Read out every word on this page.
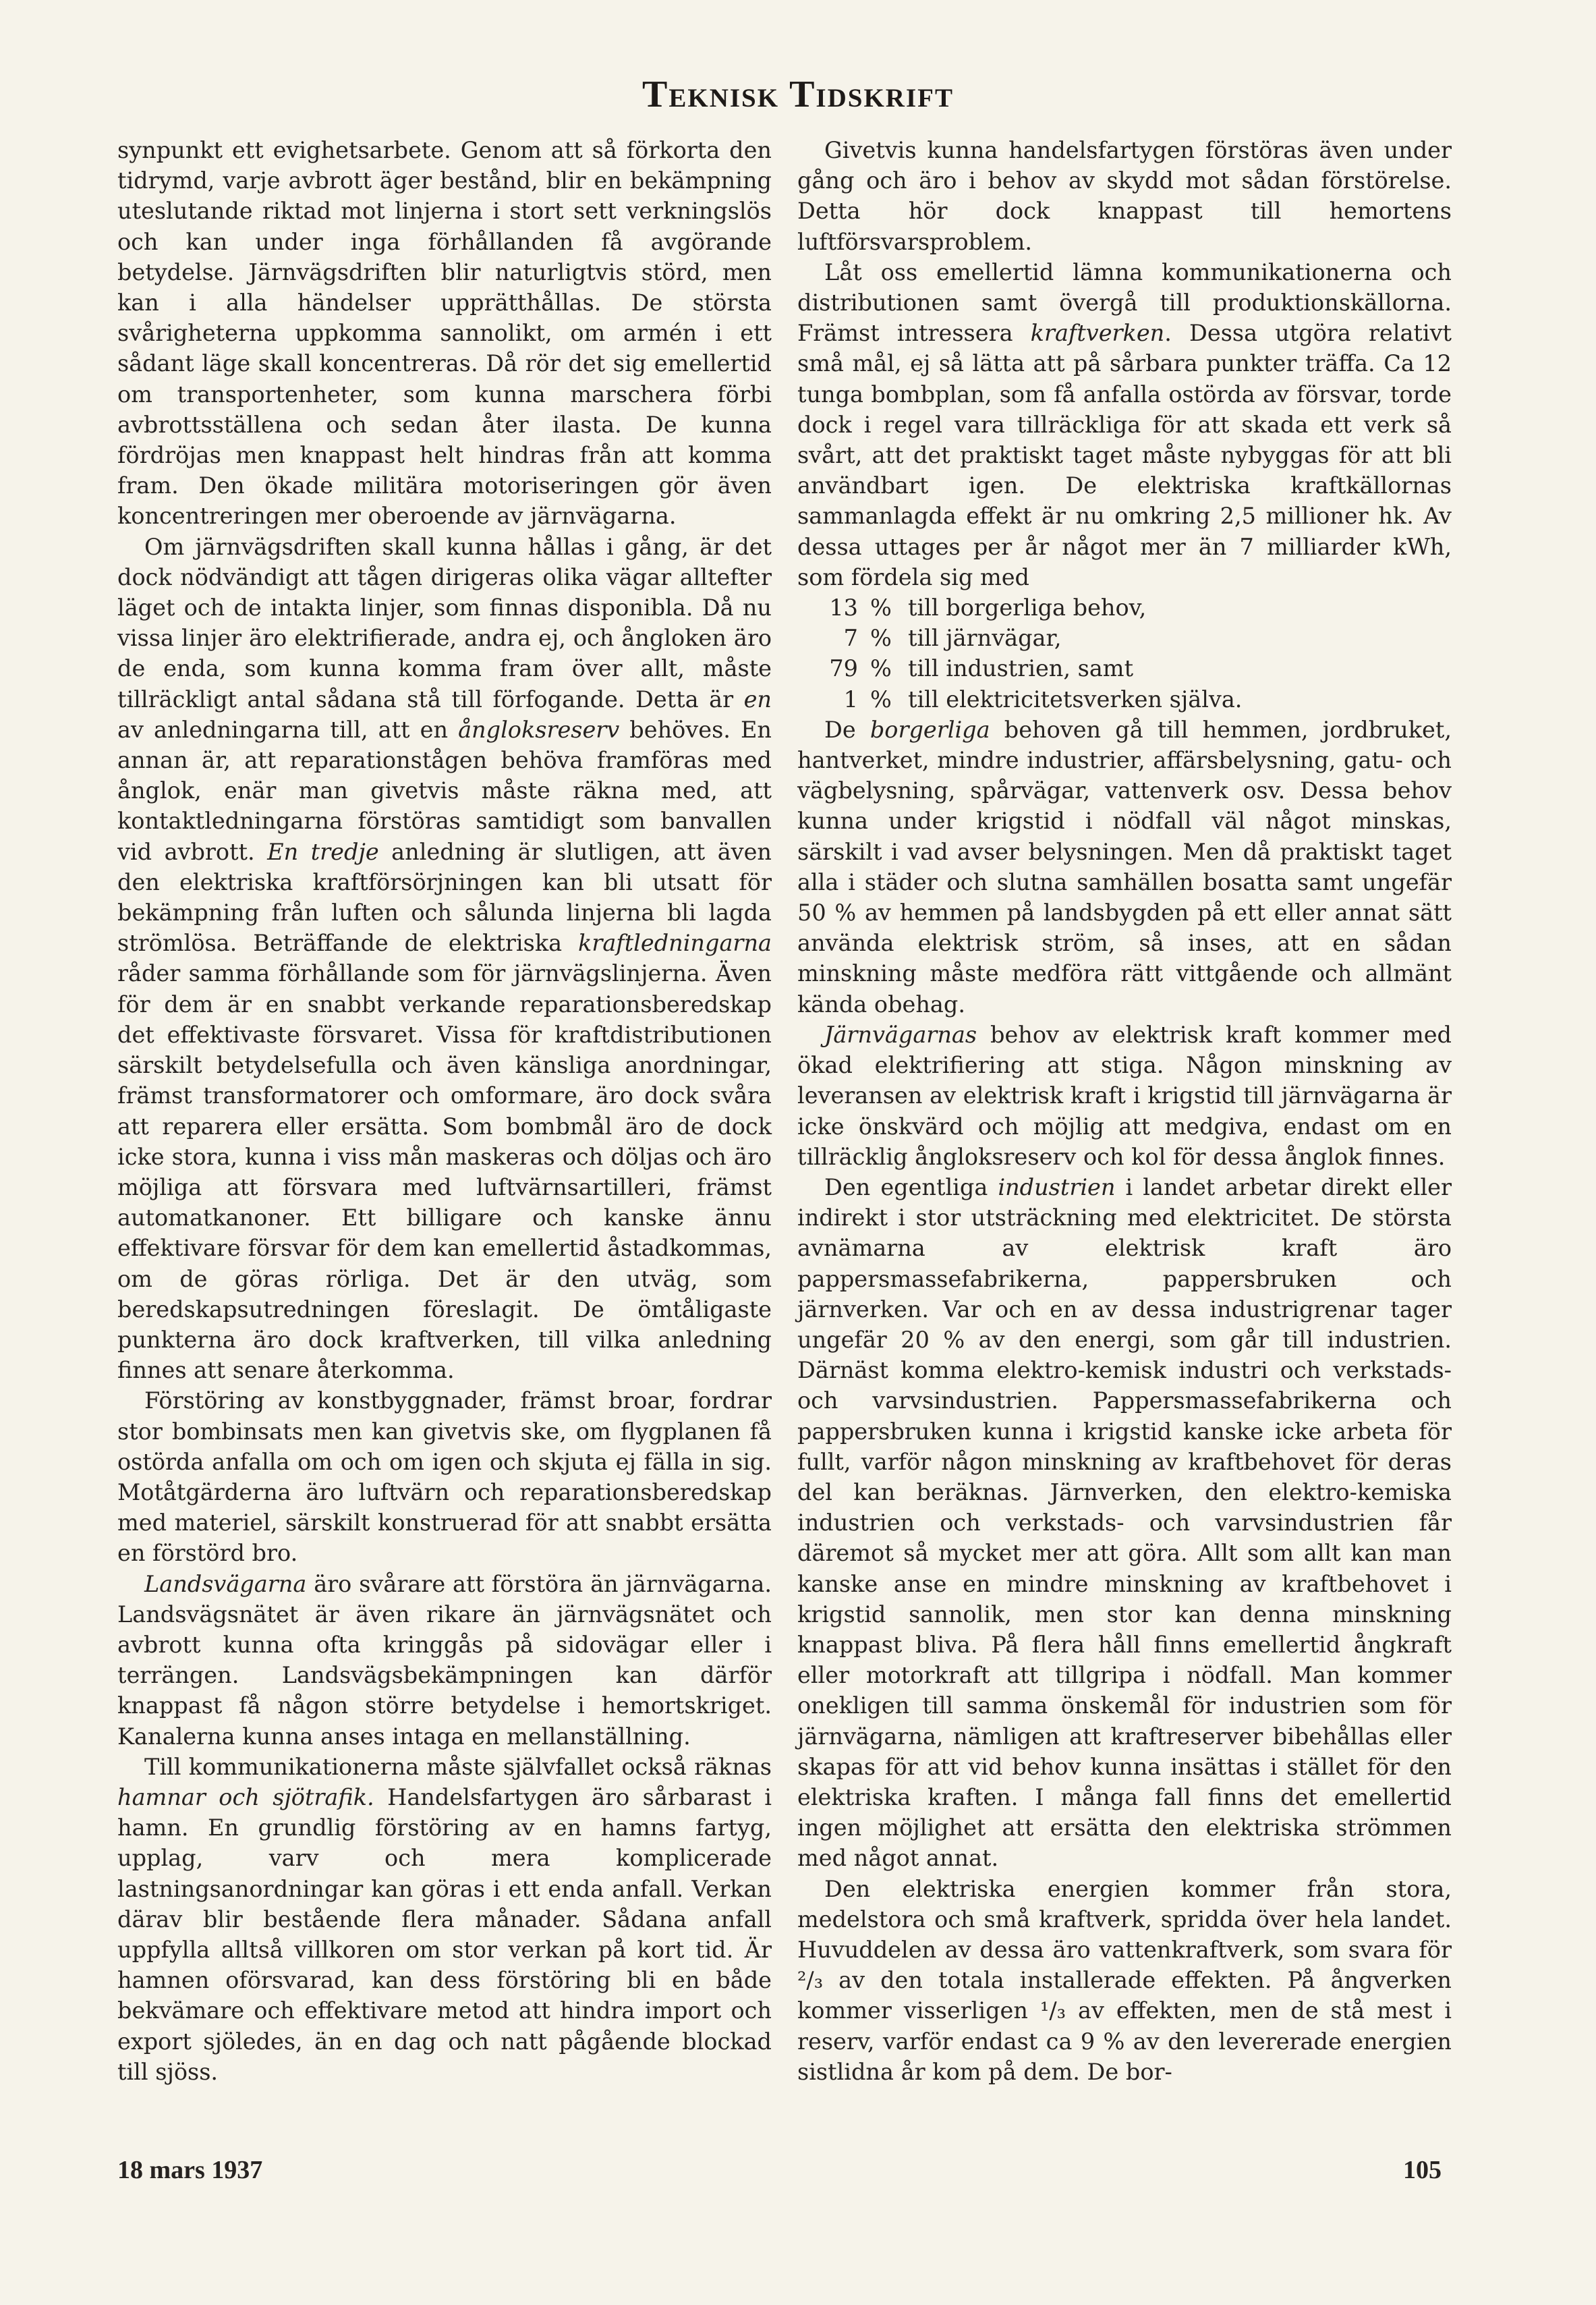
Teknisk Tidskrift

synpunkt ett evighetsarbete. Genom att så förkorta den tidrymd, varje avbrott äger bestånd, blir en bekämpning uteslutande riktad mot linjerna i stort sett verkningslös och kan under inga förhållanden få avgörande betydelse. Järnvägsdriften blir naturligtvis störd, men kan i alla händelser upprätthållas. De största svårigheterna uppkomma sannolikt, om armén i ett sådant läge skall koncentreras. Då rör det sig emellertid om transportenheter, som kunna marschera förbi avbrottsställena och sedan åter ilasta. De kunna fördröjas men knappast helt hindras från att komma fram. Den ökade militära motoriseringen gör även koncentreringen mer oberoende av järnvägarna.

Om järnvägsdriften skall kunna hållas i gång, är det dock nödvändigt att tågen dirigeras olika vägar alltefter läget och de intakta linjer, som finnas disponibla. Då nu vissa linjer äro elektrifierade, andra ej, och ångloken äro de enda, som kunna komma fram över allt, måste tillräckligt antal sådana stå till förfogande. Detta är en av anledningarna till, att en ångloksreserv behöves. En annan är, att reparationstågen behöva framföras med ånglok, enär man givetvis måste räkna med, att kontaktledningarna förstöras samtidigt som banvallen vid avbrott. En tredje anledning är slutligen, att även den elektriska kraftförsörjningen kan bli utsatt för bekämpning från luften och sålunda linjerna bli lagda strömlösa. Beträffande de elektriska kraftledningarna råder samma förhållande som för järnvägslinjerna. Även för dem är en snabbt verkande reparationsberedskap det effektivaste försvaret. Vissa för kraftdistributionen särskilt betydelsefulla och även känsliga anordningar, främst transformatorer och omformare, äro dock svåra att reparera eller ersätta. Som bombmål äro de dock icke stora, kunna i viss mån maskeras och döljas och äro möjliga att försvara med luftvärnsartilleri, främst automatkanoner. Ett billigare och kanske ännu effektivare försvar för dem kan emellertid åstadkommas, om de göras rörliga. Det är den utväg, som beredskapsutredningen föreslagit. De ömtåligaste punkterna äro dock kraftverken, till vilka anledning finnes att senare återkomma.

Förstöring av konstbyggnader, främst broar, fordrar stor bombinsats men kan givetvis ske, om flygplanen få ostörda anfalla om och om igen och skjuta ej fälla in sig. Motåtgärderna äro luftvärn och reparationsberedskap med materiel, särskilt konstruerad för att snabbt ersätta en förstörd bro.

Landsvägarna äro svårare att förstöra än järnvägarna. Landsvägsnätet är även rikare än järnvägsnätet och avbrott kunna ofta kringgås på sidovägar eller i terrängen. Landsvägsbekämpningen kan därför knappast få någon större betydelse i hemortskriget. Kanalerna kunna anses intaga en mellanställning.

Till kommunikationerna måste självfallet också räknas hamnar och sjötrafik. Handelsfartygen äro sårbarast i hamn. En grundlig förstöring av en hamns fartyg, upplag, varv och mera komplicerade lastningsanordningar kan göras i ett enda anfall. Verkan därav blir bestående flera månader. Sådana anfall uppfylla alltså villkoren om stor verkan på kort tid. Är hamnen oförsvarad, kan dess förstöring bli en både bekvämare och effektivare metod att hindra import och export sjöledes, än en dag och natt pågående blockad till sjöss.

Givetvis kunna handelsfartygen förstöras även under gång och äro i behov av skydd mot sådan förstörelse. Detta hör dock knappast till hemortens luftförsvarsproblem.

Låt oss emellertid lämna kommunikationerna och distributionen samt övergå till produktionskällorna. Främst intressera kraftverken. Dessa utgöra relativt små mål, ej så lätta att på sårbara punkter träffa. Ca 12 tunga bombplan, som få anfalla ostörda av försvar, torde dock i regel vara tillräckliga för att skada ett verk så svårt, att det praktiskt taget måste nybyggas för att bli användbart igen. De elektriska kraftkällornas sammanlagda effekt är nu omkring 2,5 millioner hk. Av dessa uttages per år något mer än 7 milliarder kWh, som fördela sig med

13 % till borgerliga behov,
7 % till järnvägar,
79 % till industrien, samt
1 % till elektricitetsverken själva.

De borgerliga behoven gå till hemmen, jordbruket, hantverket, mindre industrier, affärsbelysning, gatu- och vägbelysning, spårvägar, vattenverk osv. Dessa behov kunna under krigstid i nödfall väl något minskas, särskilt i vad avser belysningen. Men då praktiskt taget alla i städer och slutna samhällen bosatta samt ungefär 50 % av hemmen på landsbygden på ett eller annat sätt använda elektrisk ström, så inses, att en sådan minskning måste medföra rätt vittgående och allmänt kända obehag.

Järnvägarnas behov av elektrisk kraft kommer med ökad elektrifiering att stiga. Någon minskning av leveransen av elektrisk kraft i krigstid till järnvägarna är icke önskvärd och möjlig att medgiva, endast om en tillräcklig ångloksreserv och kol för dessa ånglok finnes.

Den egentliga industrien i landet arbetar direkt eller indirekt i stor utsträckning med elektricitet. De största avnämarna av elektrisk kraft äro pappersmassefabrikerna, pappersbruken och järnverken. Var och en av dessa industrigrenar tager ungefär 20 % av den energi, som går till industrien. Därnäst komma elektro-kemisk industri och verkstads- och varvsindustrien. Pappersmassefabrikerna och pappersbruken kunna i krigstid kanske icke arbeta för fullt, varför någon minskning av kraftbehovet för deras del kan beräknas. Järnverken, den elektro-kemiska industrien och verkstads- och varvsindustrien får däremot så mycket mer att göra. Allt som allt kan man kanske anse en mindre minskning av kraftbehovet i krigstid sannolik, men stor kan denna minskning knappast bliva. På flera håll finns emellertid ångkraft eller motorkraft att tillgripa i nödfall. Man kommer onekligen till samma önskemål för industrien som för järnvägarna, nämligen att kraftreserver bibehållas eller skapas för att vid behov kunna insättas i stället för den elektriska kraften. I många fall finns det emellertid ingen möjlighet att ersätta den elektriska strömmen med något annat.

Den elektriska energien kommer från stora, medelstora och små kraftverk, spridda över hela landet. Huvuddelen av dessa äro vattenkraftverk, som svara för ²/₃ av den totala installerade effekten. På ångverken kommer visserligen ¹/₃ av effekten, men de stå mest i reserv, varför endast ca 9 % av den levererade energien sistlidna år kom på dem. De bor-

18 mars 1937	105
